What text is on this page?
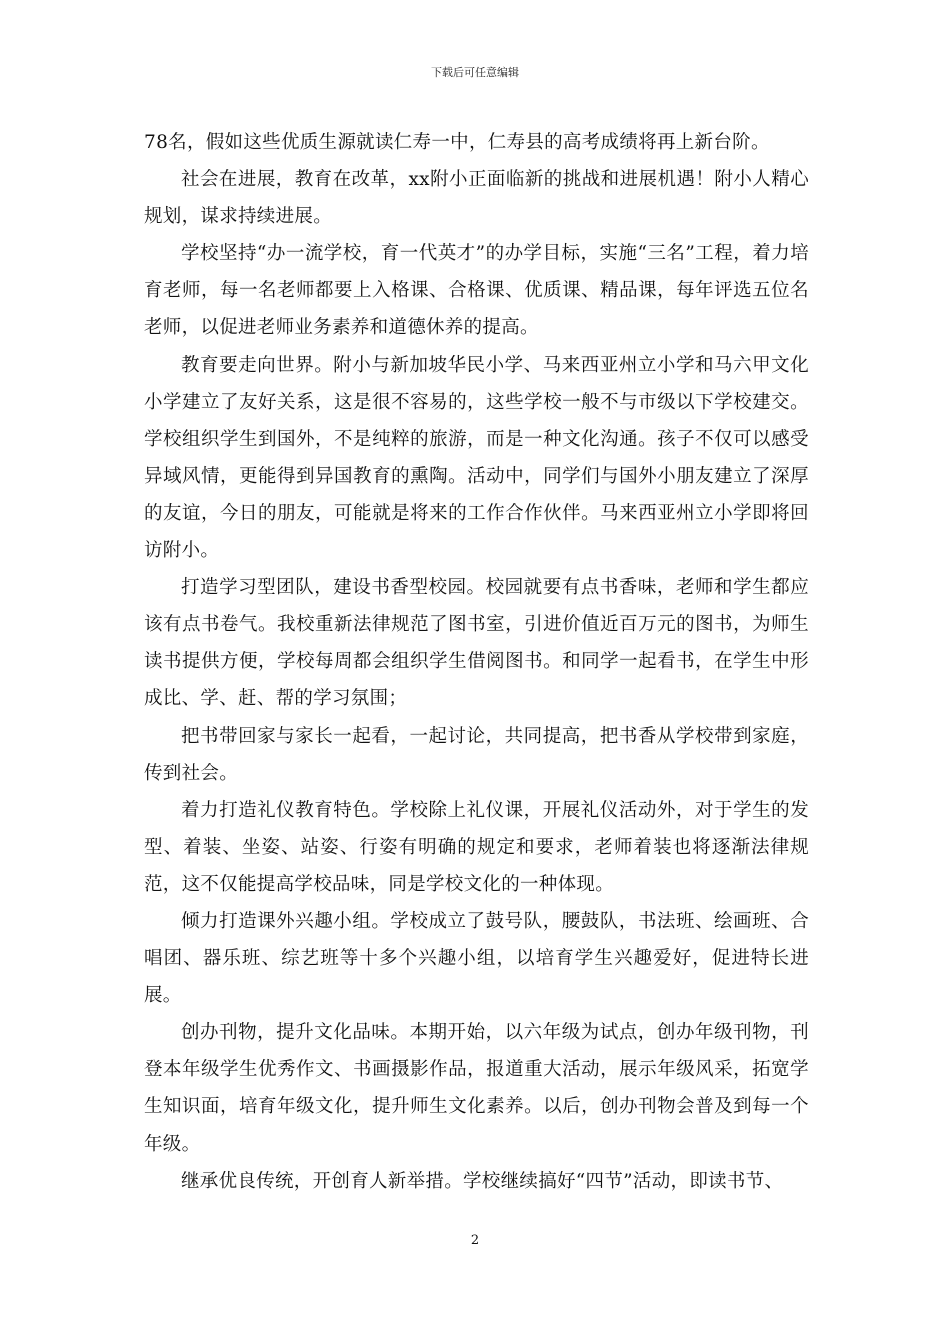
下载后可任意编辑

78名，假如这些优质生源就读仁寿一中，仁寿县的高考成绩将再上新台阶。

社会在进展，教育在改革，xx附小正面临新的挑战和进展机遇！附小人精心规划，谋求持续进展。

学校坚持“办一流学校，育一代英才”的办学目标，实施“三名”工程，着力培育老师，每一名老师都要上入格课、合格课、优质课、精品课，每年评选五位名老师，以促进老师业务素养和道德休养的提高。

教育要走向世界。附小与新加坡华民小学、马来西亚州立小学和马六甲文化小学建立了友好关系，这是很不容易的，这些学校一般不与市级以下学校建交。学校组织学生到国外，不是纯粹的旅游，而是一种文化沟通。孩子不仅可以感受异域风情，更能得到异国教育的熏陶。活动中，同学们与国外小朋友建立了深厚的友谊，今日的朋友，可能就是将来的工作合作伙伴。马来西亚州立小学即将回访附小。

打造学习型团队，建设书香型校园。校园就要有点书香味，老师和学生都应该有点书卷气。我校重新法律规范了图书室，引进价值近百万元的图书，为师生读书提供方便，学校每周都会组织学生借阅图书。和同学一起看书，在学生中形成比、学、赶、帮的学习氛围；

把书带回家与家长一起看，一起讨论，共同提高，把书香从学校带到家庭，传到社会。

着力打造礼仪教育特色。学校除上礼仪课，开展礼仪活动外，对于学生的发型、着装、坐姿、站姿、行姿有明确的规定和要求，老师着装也将逐渐法律规范，这不仅能提高学校品味，同是学校文化的一种体现。

倾力打造课外兴趣小组。学校成立了鼓号队，腰鼓队，书法班、绘画班、合唱团、器乐班、综艺班等十多个兴趣小组，以培育学生兴趣爱好，促进特长进展。

创办刊物，提升文化品味。本期开始，以六年级为试点，创办年级刊物，刊登本年级学生优秀作文、书画摄影作品，报道重大活动，展示年级风采，拓宽学生知识面，培育年级文化，提升师生文化素养。以后，创办刊物会普及到每一个年级。

继承优良传统，开创育人新举措。学校继续搞好“四节”活动，即读书节、

2
